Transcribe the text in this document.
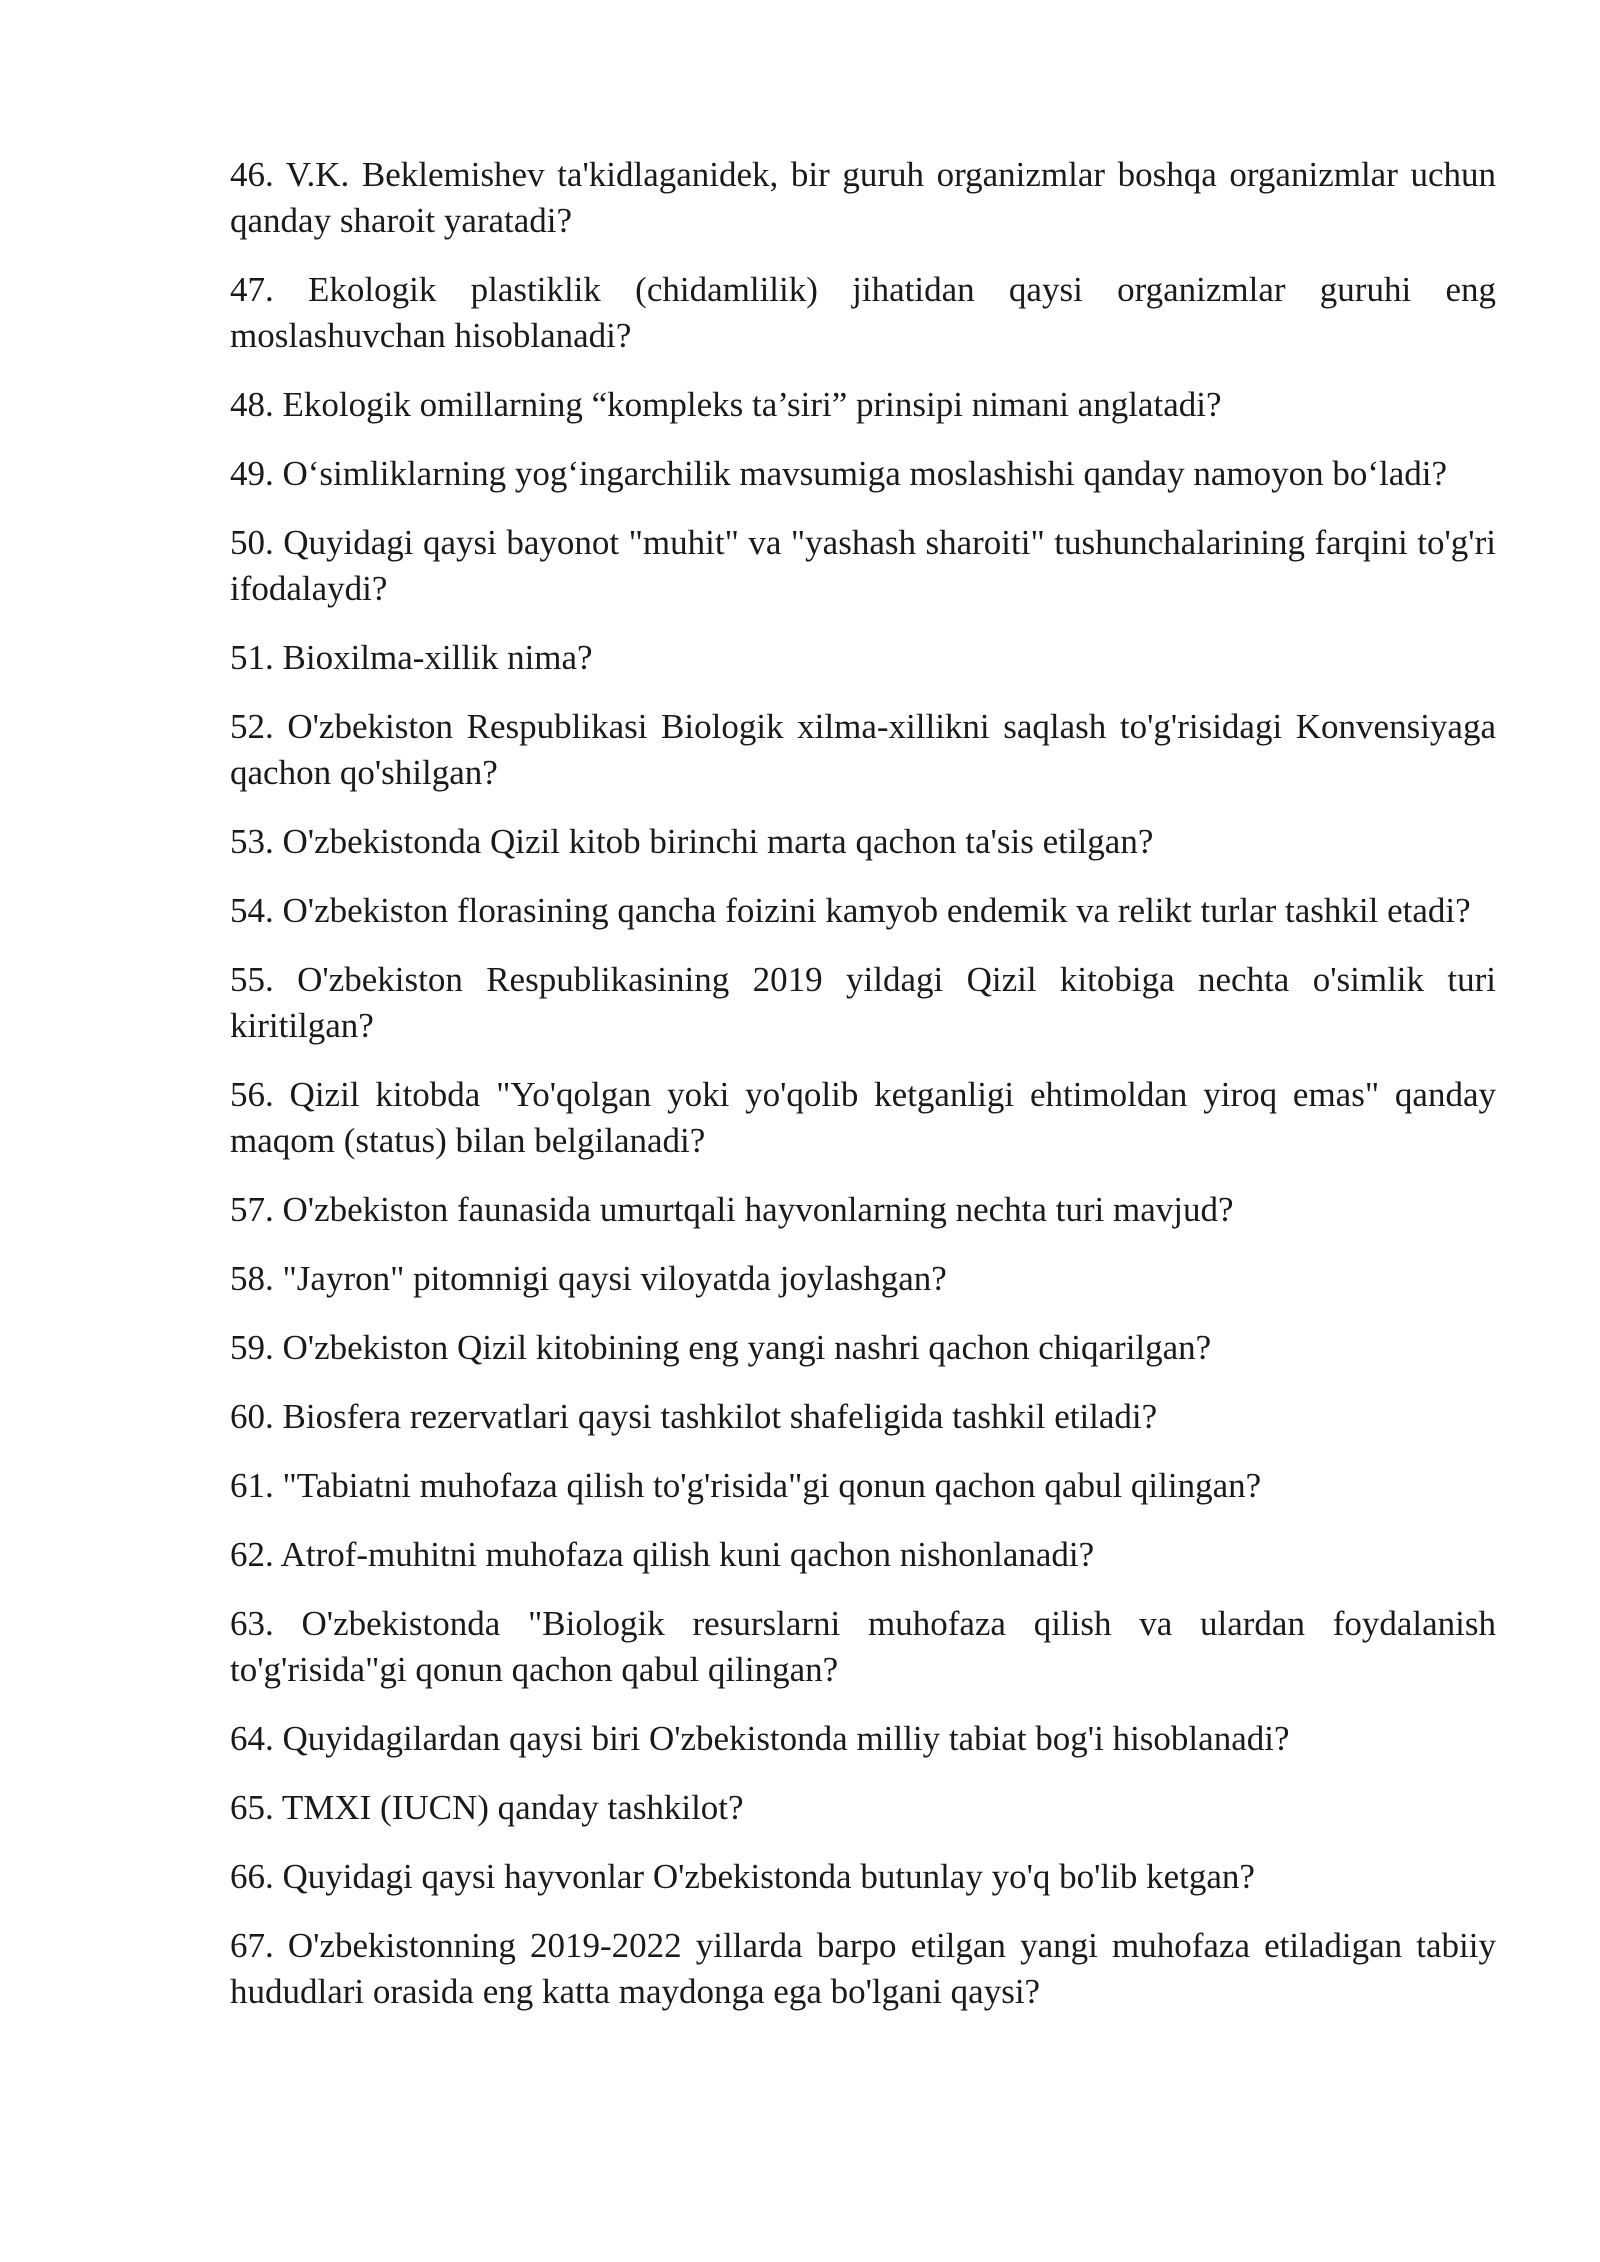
46. V.K. Beklemishev ta'kidlaganidek, bir guruh organizmlar boshqa organizmlar uchun qanday sharoit yaratadi?

47. Ekologik plastiklik (chidamlilik) jihatidan qaysi organizmlar guruhi eng moslashuvchan hisoblanadi?

48. Ekologik omillarning “kompleks ta’siri” prinsipi nimani anglatadi?

49. O‘simliklarning yog‘ingarchilik mavsumiga moslashishi qanday namoyon bo‘ladi?

50. Quyidagi qaysi bayonot "muhit" va "yashash sharoiti" tushunchalarining farqini to'g'ri ifodalaydi?

51. Bioxilma-xillik nima?

52. O'zbekiston Respublikasi Biologik xilma-xillikni saqlash to'g'risidagi Konvensiyaga qachon qo'shilgan?

53. O'zbekistonda Qizil kitob birinchi marta qachon ta'sis etilgan?

54. O'zbekiston florasining qancha foizini kamyob endemik va relikt turlar tashkil etadi?

55. O'zbekiston Respublikasining 2019 yildagi Qizil kitobiga nechta o'simlik turi kiritilgan?

56. Qizil kitobda "Yo'qolgan yoki yo'qolib ketganligi ehtimoldan yiroq emas" qanday maqom (status) bilan belgilanadi?

57. O'zbekiston faunasida umurtqali hayvonlarning nechta turi mavjud?

58. "Jayron" pitomnigi qaysi viloyatda joylashgan?

59. O'zbekiston Qizil kitobining eng yangi nashri qachon chiqarilgan?

60. Biosfera rezervatlari qaysi tashkilot shafeligida tashkil etiladi?

61. "Tabiatni muhofaza qilish to'g'risida"gi qonun qachon qabul qilingan?

62. Atrof-muhitni muhofaza qilish kuni qachon nishonlanadi?

63. O'zbekistonda "Biologik resurslarni muhofaza qilish va ulardan foydalanish to'g'risida"gi qonun qachon qabul qilingan?

64. Quyidagilardan qaysi biri O'zbekistonda milliy tabiat bog'i hisoblanadi?

65. TMXI (IUCN) qanday tashkilot?

66. Quyidagi qaysi hayvonlar O'zbekistonda butunlay yo'q bo'lib ketgan?

67. O'zbekistonning 2019-2022 yillarda barpo etilgan yangi muhofaza etiladigan tabiiy hududlari orasida eng katta maydonga ega bo'lgani qaysi?
